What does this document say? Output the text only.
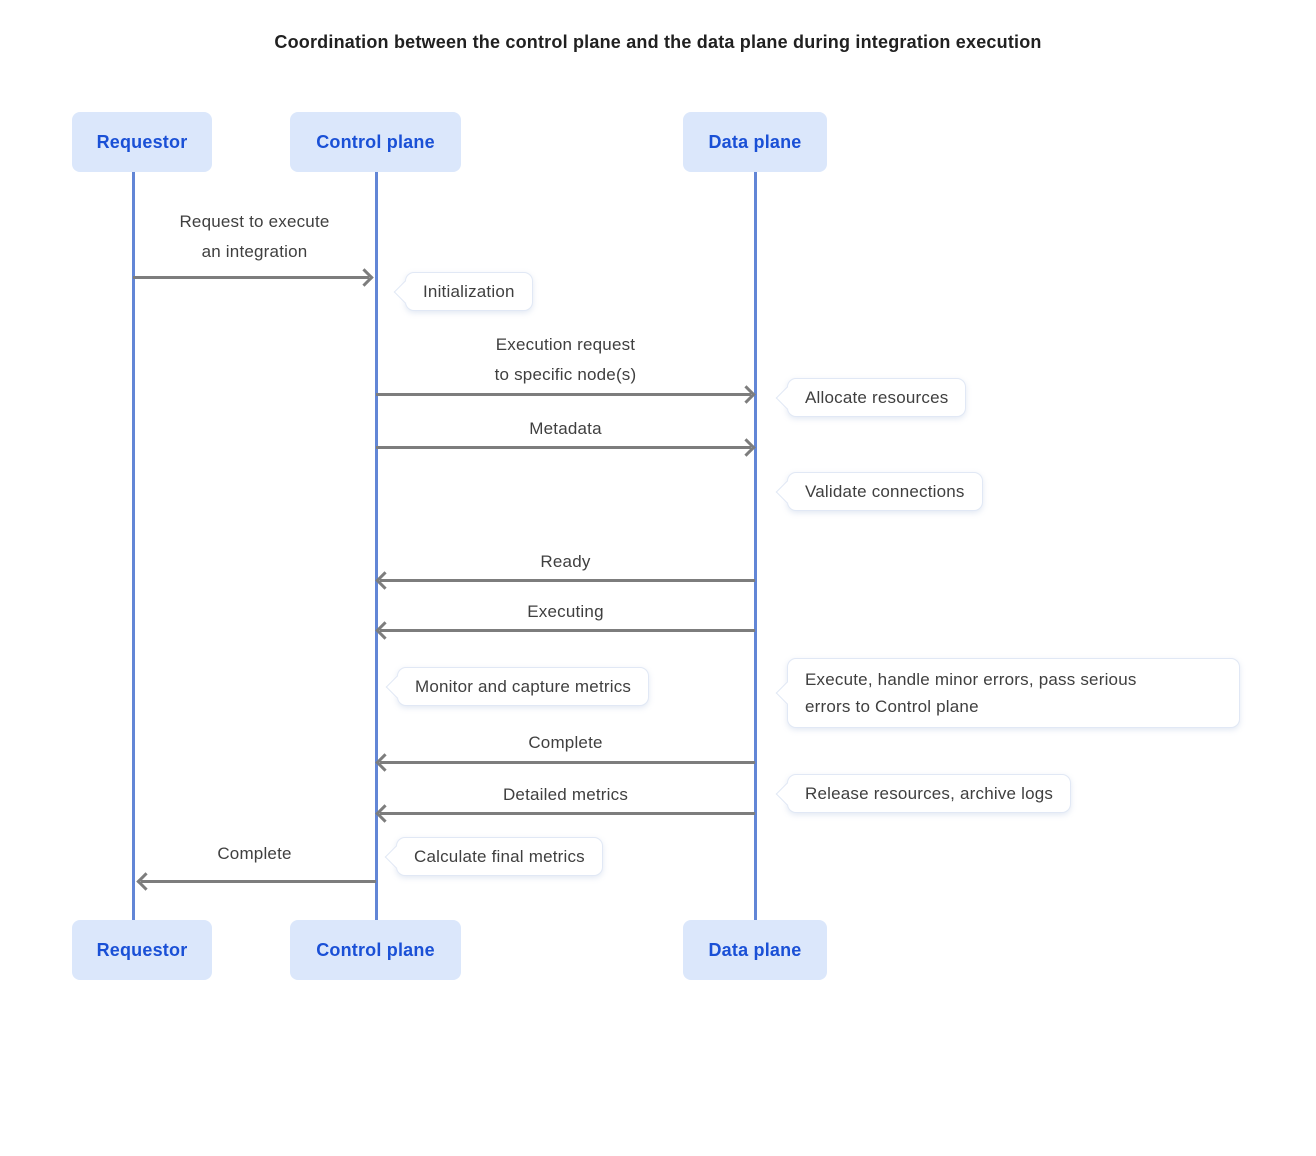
Coordination between the control plane and the data plane during integration execution
Requestor	Control plane	Data plane
Requestor	Control plane	Data plane
Request to execute
an integration
Execution request
to specific node(s)
Metadata
Ready
Executing
Complete
Detailed metrics
Complete
Initialization
Allocate resources
Validate connections
Monitor and capture metrics	Execute, handle minor errors, pass serious
errors to Control plane
Release resources, archive logs
Calculate final metrics
